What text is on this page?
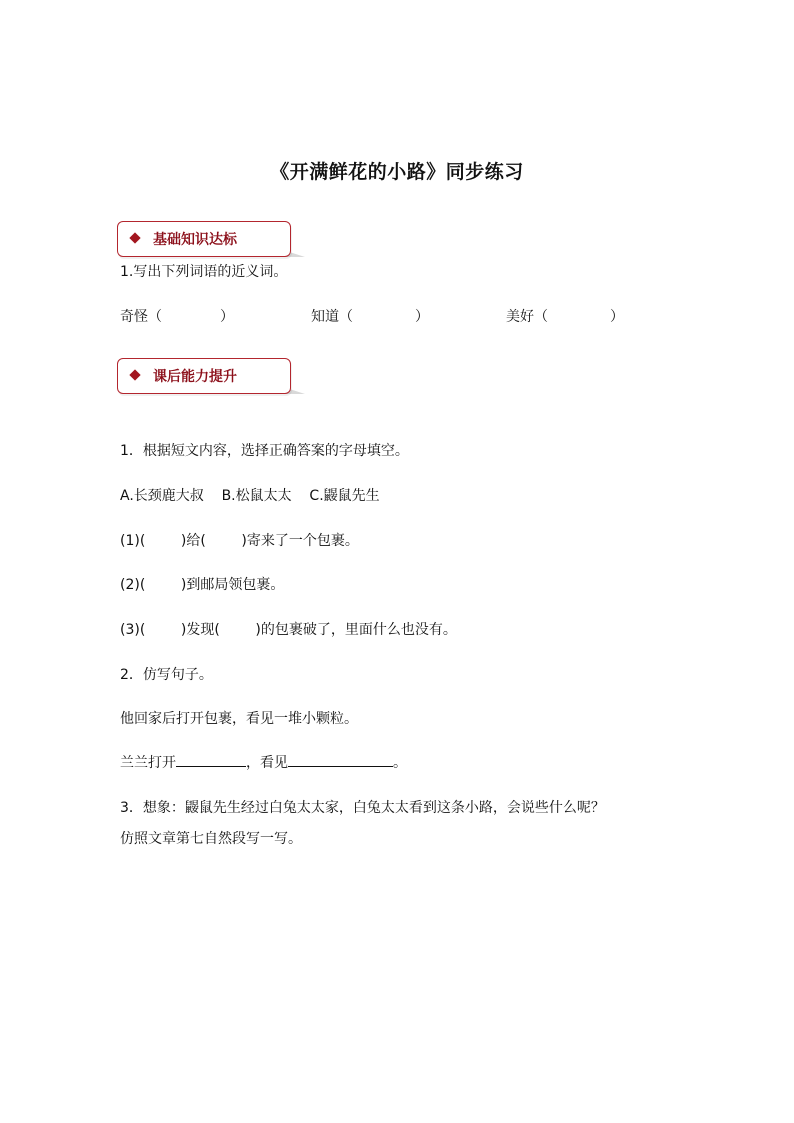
《开满鲜花的小路》同步练习
基础知识达标
1.写出下列词语的近义词。
奇怪（	）	知道（	）	美好（	）
课后能力提升
1．根据短文内容，选择正确答案的字母填空。
A.长颈鹿大叔    B.松鼠太太    C.鼹鼠先生
(1)(        )给(        )寄来了一个包裹。
(2)(        )到邮局领包裹。
(3)(        )发现(        )的包裹破了，里面什么也没有。
2．仿写句子。
他回家后打开包裹，看见一堆小颗粒。
兰兰打开	，看见	。
3．想象：鼹鼠先生经过白兔太太家，白兔太太看到这条小路，会说些什么呢？
仿照文章第七自然段写一写。
